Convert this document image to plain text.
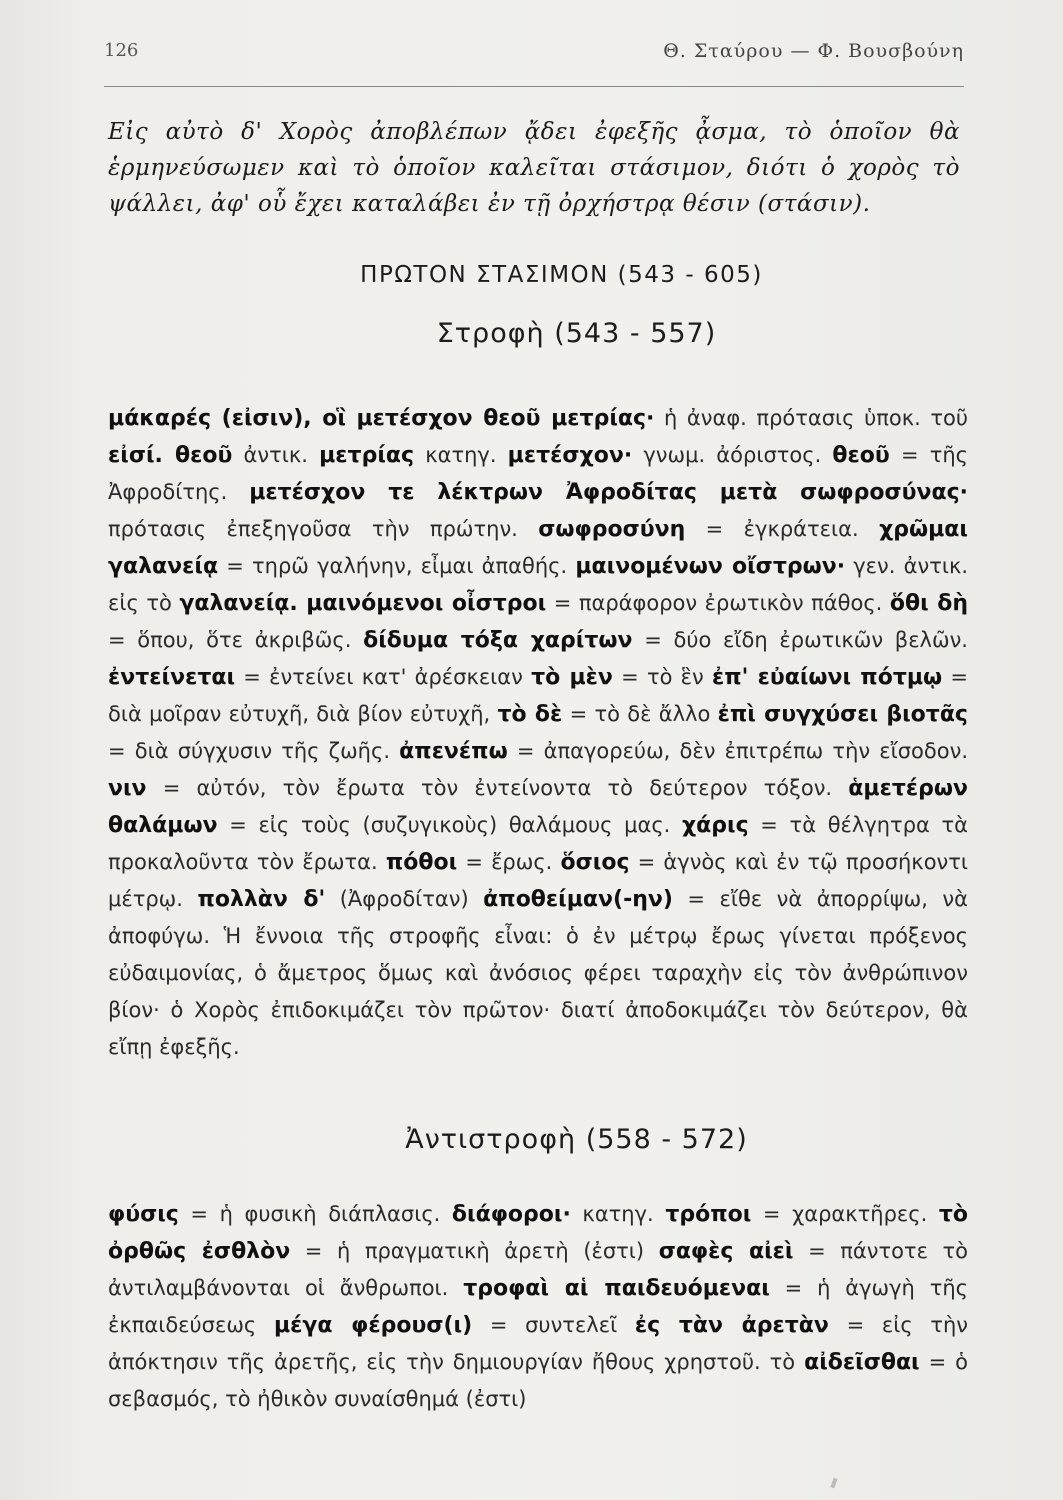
126	Θ. Σταύρου — Φ. Βουσβούνη

Εἰς αὐτὸ δ' Χορὸς ἀποβλέπων ᾄδει ἐφεξῆς ᾆσμα, τὸ ὁποῖον θὰ ἑρμηνεύσωμεν καὶ τὸ ὁποῖον καλεῖται στάσιμον, διότι ὁ χορὸς τὸ ψάλλει, ἀφ' οὗ ἔχει καταλάβει ἐν τῇ ὀρχήστρᾳ θέσιν (στάσιν).

ΠΡΩΤΟΝ ΣΤΑΣΙΜΟΝ (543 - 605)
Στροφὴ (543 - 557)
μάκαρές (εἰσιν), οἳ μετέσχον θεοῦ μετρίας· ἡ ἀναφ. πρότασις ὑποκ. τοῦ εἰσί. θεοῦ ἀντικ. μετρίας κατηγ. μετέσχον· γνωμ. ἀόριστος. θεοῦ = τῆς Ἀφροδίτης. μετέσχον τε λέκτρων Ἀφροδίτας μετὰ σωφροσύνας· πρότασις ἐπεξηγοῦσα τὴν πρώτην. σωφροσύνη = ἐγκράτεια. χρῶμαι γαλανείᾳ = τηρῶ γαλήνην, εἶμαι ἀπαθής. μαινομένων οἴστρων· γεν. ἀντικ. εἰς τὸ γαλανείᾳ. μαινόμενοι οἶστροι = παράφορον ἐρωτικὸν πάθος. ὅθι δὴ = ὅπου, ὅτε ἀκριβῶς. δίδυμα τόξα χαρίτων = δύο εἴδη ἐρωτικῶν βελῶν. ἐντείνεται = ἐντείνει κατ' ἀρέσκειαν τὸ μὲν = τὸ ἓν ἐπ' εὐαίωνι πότμῳ = διὰ μοῖραν εὐτυχῆ, διὰ βίον εὐτυχῆ, τὸ δὲ = τὸ δὲ ἄλλο ἐπὶ συγχύσει βιοτᾶς = διὰ σύγχυσιν τῆς ζωῆς. ἀπενέπω = ἀπαγορεύω, δὲν ἐπιτρέπω τὴν εἴσοδον. νιν = αὐτόν, τὸν ἔρωτα τὸν ἐντείνοντα τὸ δεύτερον τόξον. ἁμετέρων θαλάμων = εἰς τοὺς (συζυγικοὺς) θαλάμους μας. χάρις = τὰ θέλγητρα τὰ προκαλοῦντα τὸν ἔρωτα. πόθοι = ἔρως. ὅσιος = ἁγνὸς καὶ ἐν τῷ προσήκοντι μέτρῳ. πολλὰν δ' (Ἀφροδίταν) ἀποθείμαν(-ην) = εἴθε νὰ ἀπορρίψω, νὰ ἀποφύγω. Ἡ ἔννοια τῆς στροφῆς εἶναι: ὁ ἐν μέτρῳ ἔρως γίνεται πρόξενος εὐδαιμονίας, ὁ ἄμετρος ὅμως καὶ ἀνόσιος φέρει ταραχὴν εἰς τὸν ἀνθρώπινον βίον· ὁ Χορὸς ἐπιδοκιμάζει τὸν πρῶτον· διατί ἀποδοκιμάζει τὸν δεύτερον, θὰ εἴπῃ ἐφεξῆς.
Ἀντιστροφὴ (558 - 572)
φύσις = ἡ φυσικὴ διάπλασις. διάφοροι· κατηγ. τρόποι = χαρακτῆρες. τὸ ὀρθῶς ἐσθλὸν = ἡ πραγματικὴ ἀρετὴ (ἐστι) σαφὲς αἰεὶ = πάντοτε τὸ ἀντιλαμβάνονται οἱ ἄνθρωποι. τροφαὶ αἱ παιδευόμεναι = ἡ ἀγωγὴ τῆς ἐκπαιδεύσεως μέγα φέρουσ(ι) = συντελεῖ ἐς τὰν ἀρετὰν = εἰς τὴν ἀπόκτησιν τῆς ἀρετῆς, εἰς τὴν δημιουργίαν ἤθους χρηστοῦ. τὸ αἰδεῖσθαι = ὁ σεβασμός, τὸ ἠθικὸν συναίσθημά (ἐστι)
